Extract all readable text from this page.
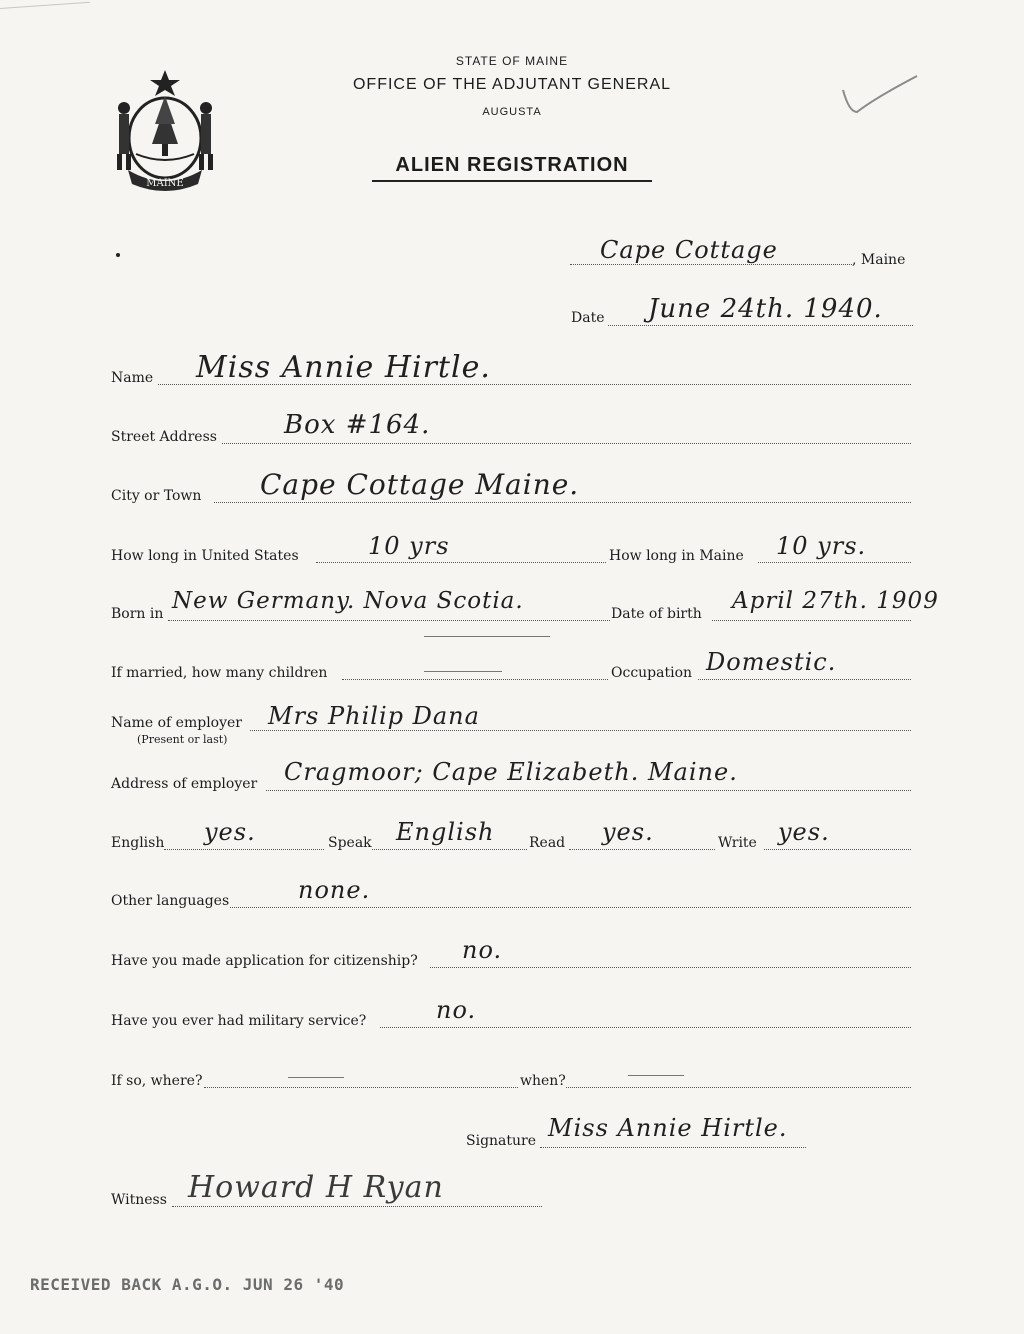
MAINE
STATE OF MAINE
OFFICE OF THE ADJUTANT GENERAL
AUGUSTA
ALIEN REGISTRATION
Cape Cottage	, Maine
Date June 24th. 1940.
Name Miss Annie Hirtle.
Street Address	Box #164.
City or Town Cape Cottage Maine.
How long in United States	10 yrs	How long in Maine 10 yrs.
Born in New Germany. Nova Scotia.	Date of birth April 27th. 1909
If married, how many children	Occupation Domestic.
Name of employer
(Present or last)
Mrs Philip Dana
Address of employer Cragmoor; Cape Elizabeth. Maine.
English yes.	Speak English Read yes.	Write yes.
Other languages	none.
Have you made application for citizenship? no.
Have you ever had military service?	no.
If so, where?	when?
Signature Miss Annie Hirtle.
Witness Howard H Ryan
RECEIVED BACK A.G.O. JUN 26 '40
